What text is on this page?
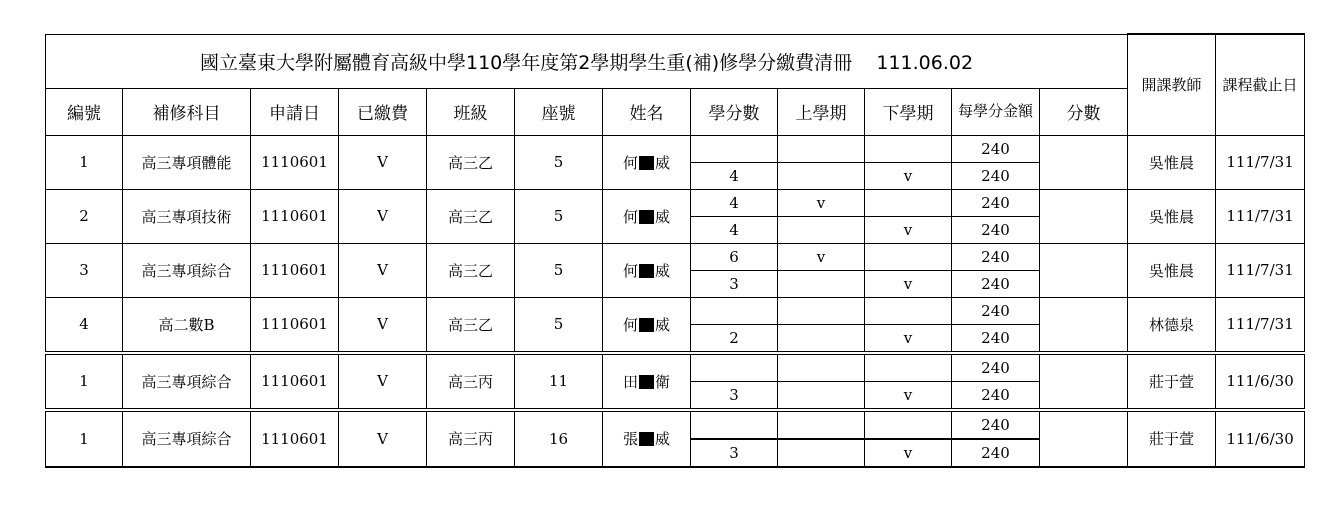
國立臺東大學附屬體育高級中學110學年度第2學期學生重(補)修學分繳費清冊 111.06.02												開課教師	課程截止日
編號	補修科目	申請日	已繳費	班級	座號	姓名	學分數	上學期	下學期	每學分金額	分數		
1	高三專項體能	1110601	V	高三乙	5	何 威				240		吳惟晨	111/7/31
							4		v	240			
2	高三專項技術	1110601	V	高三乙	5	何 威	4	v		240		吳惟晨	111/7/31
							4		v	240			
3	高三專項綜合	1110601	V	高三乙	5	何 威	6	v		240		吳惟晨	111/7/31
							3		v	240			
4	高二數B	1110601	V	高三乙	5	何 威				240		林德泉	111/7/31
							2		v	240			
1	高三專項綜合	1110601	V	高三丙	11	田 衛				240		莊于萱	111/6/30
							3		v	240			
1	高三專項綜合	1110601	V	高三丙	16	張 威				240		莊于萱	111/6/30
							3		v	240			
